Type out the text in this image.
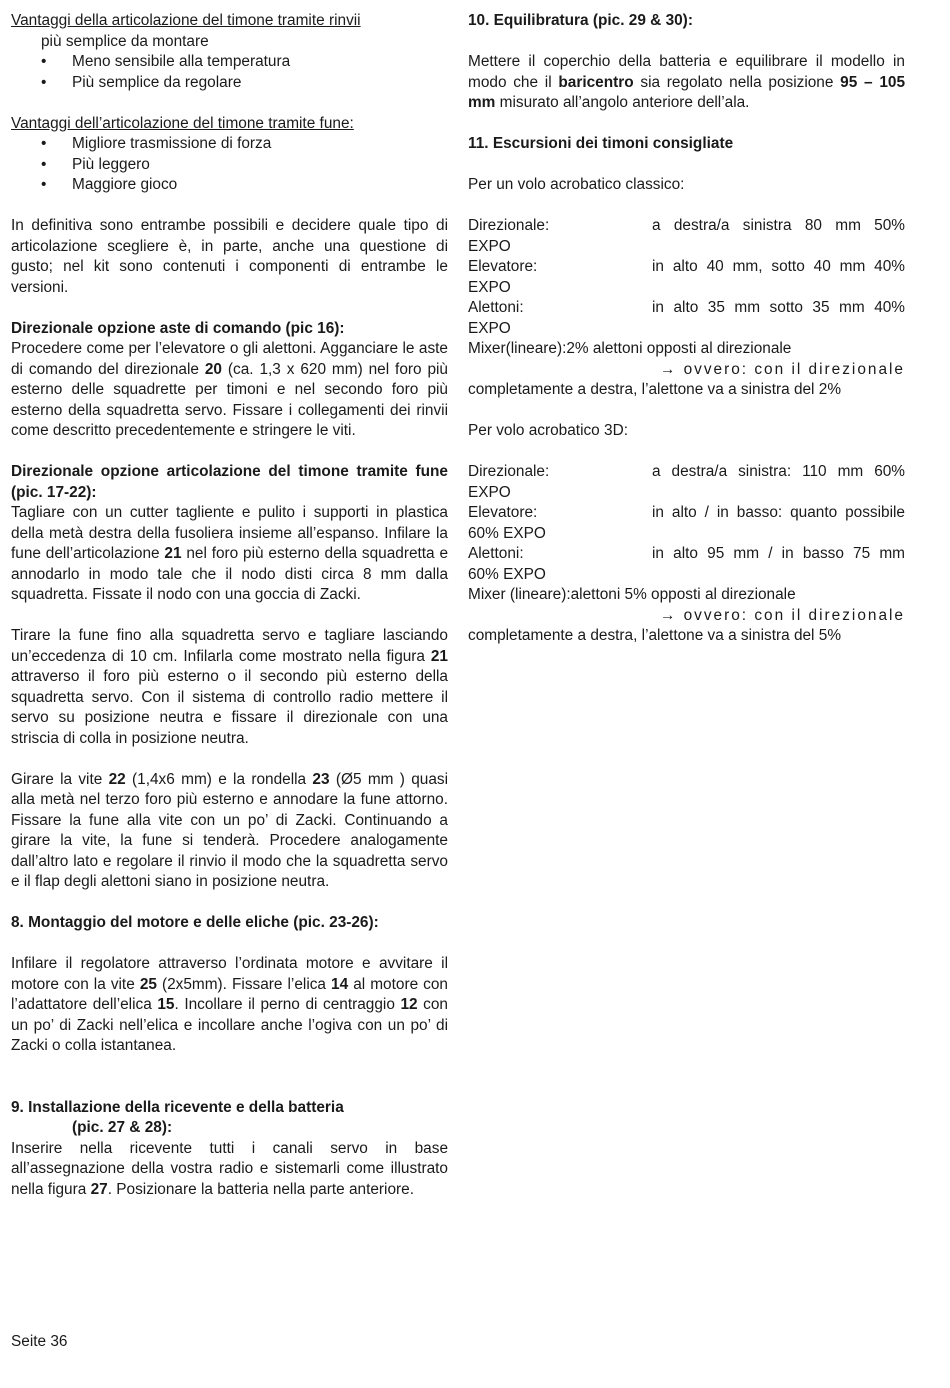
Vantaggi della articolazione del timone tramite rinvii

più semplice da montare

• Meno sensibile alla temperatura

• Più semplice da regolare

Vantaggi dell’articolazione del timone tramite fune:

• Migliore trasmissione di forza

• Più leggero

• Maggiore gioco

In definitiva sono entrambe possibili e decidere quale tipo di articolazione scegliere è, in parte, anche una questione di gusto; nel kit sono contenuti i componenti di entrambe le versioni.

Direzionale opzione aste di comando (pic 16):

Procedere come per l’elevatore o gli alettoni. Agganciare le aste di comando del direzionale 20 (ca. 1,3 x 620 mm) nel foro più esterno delle squadrette per timoni e nel secondo foro più esterno della squadretta servo. Fissare i collegamenti dei rinvii come descritto precedentemente e stringere le viti.

Direzionale opzione articolazione del timone tramite fune (pic. 17-22):

Tagliare con un cutter tagliente e pulito i supporti in plastica della metà destra della fusoliera insieme all’espanso. Infilare la fune dell’articolazione 21 nel foro più esterno della squadretta e annodarlo in modo tale che il nodo disti circa 8 mm dalla squadretta. Fissate il nodo con una goccia di Zacki.

Tirare la fune fino alla squadretta servo e tagliare lasciando un’eccedenza di 10 cm. Infilarla come mostrato nella figura 21 attraverso il foro più esterno o il secondo più esterno della squadretta servo. Con il sistema di controllo radio mettere il servo su posizione neutra e fissare il direzionale con una striscia di colla in posizione neutra.

Girare la vite 22 (1,4x6 mm) e la rondella 23 (Ø5 mm ) quasi alla metà nel terzo foro più esterno e annodare la fune attorno. Fissare la fune alla vite con un po’ di Zacki. Continuando a girare la vite, la fune si tenderà. Procedere analogamente dall’altro lato e regolare il rinvio il modo che la squadretta servo e il flap degli alettoni siano in posizione neutra.

8. Montaggio del motore e delle eliche (pic. 23-26):

Infilare il regolatore attraverso l’ordinata motore e avvitare il motore con la vite 25 (2x5mm). Fissare l’elica 14 al motore con l’adattatore dell’elica 15. Incollare il perno di centraggio 12 con un po’ di Zacki nell’elica e incollare anche l’ogiva con un po’ di Zacki o colla istantanea.

9. Installazione della ricevente e della batteria

(pic. 27 & 28):

Inserire nella ricevente tutti i canali servo in base all’assegnazione della vostra radio e sistemarli come illustrato nella figura 27. Posizionare la batteria nella parte anteriore.

10. Equilibratura (pic. 29 & 30):

Mettere il coperchio della batteria e equilibrare il modello in modo che il baricentro sia regolato nella posizione 95 – 105 mm misurato all’angolo anteriore dell’ala.

11. Escursioni dei timoni consigliate

Per un volo acrobatico classico:

Direzionale:	a destra/a sinistra 80 mm 50%

EXPO

Elevatore:	in alto 40 mm, sotto 40 mm 40%

EXPO

Alettoni:	in alto 35 mm sotto 35 mm 40%

EXPO

Mixer(lineare):2% alettoni opposti al direzionale

→ ovvero: con il direzionale

completamente a destra, l’alettone va a sinistra del 2%

Per volo acrobatico 3D:

Direzionale:	a destra/a sinistra: 110 mm 60%

EXPO

Elevatore:	in alto / in basso: quanto possibile

60% EXPO

Alettoni:	in alto 95 mm / in basso 75 mm

60% EXPO

Mixer (lineare):alettoni 5% opposti al direzionale

→ ovvero: con il direzionale

completamente a destra, l’alettone va a sinistra del 5%

Seite 36
